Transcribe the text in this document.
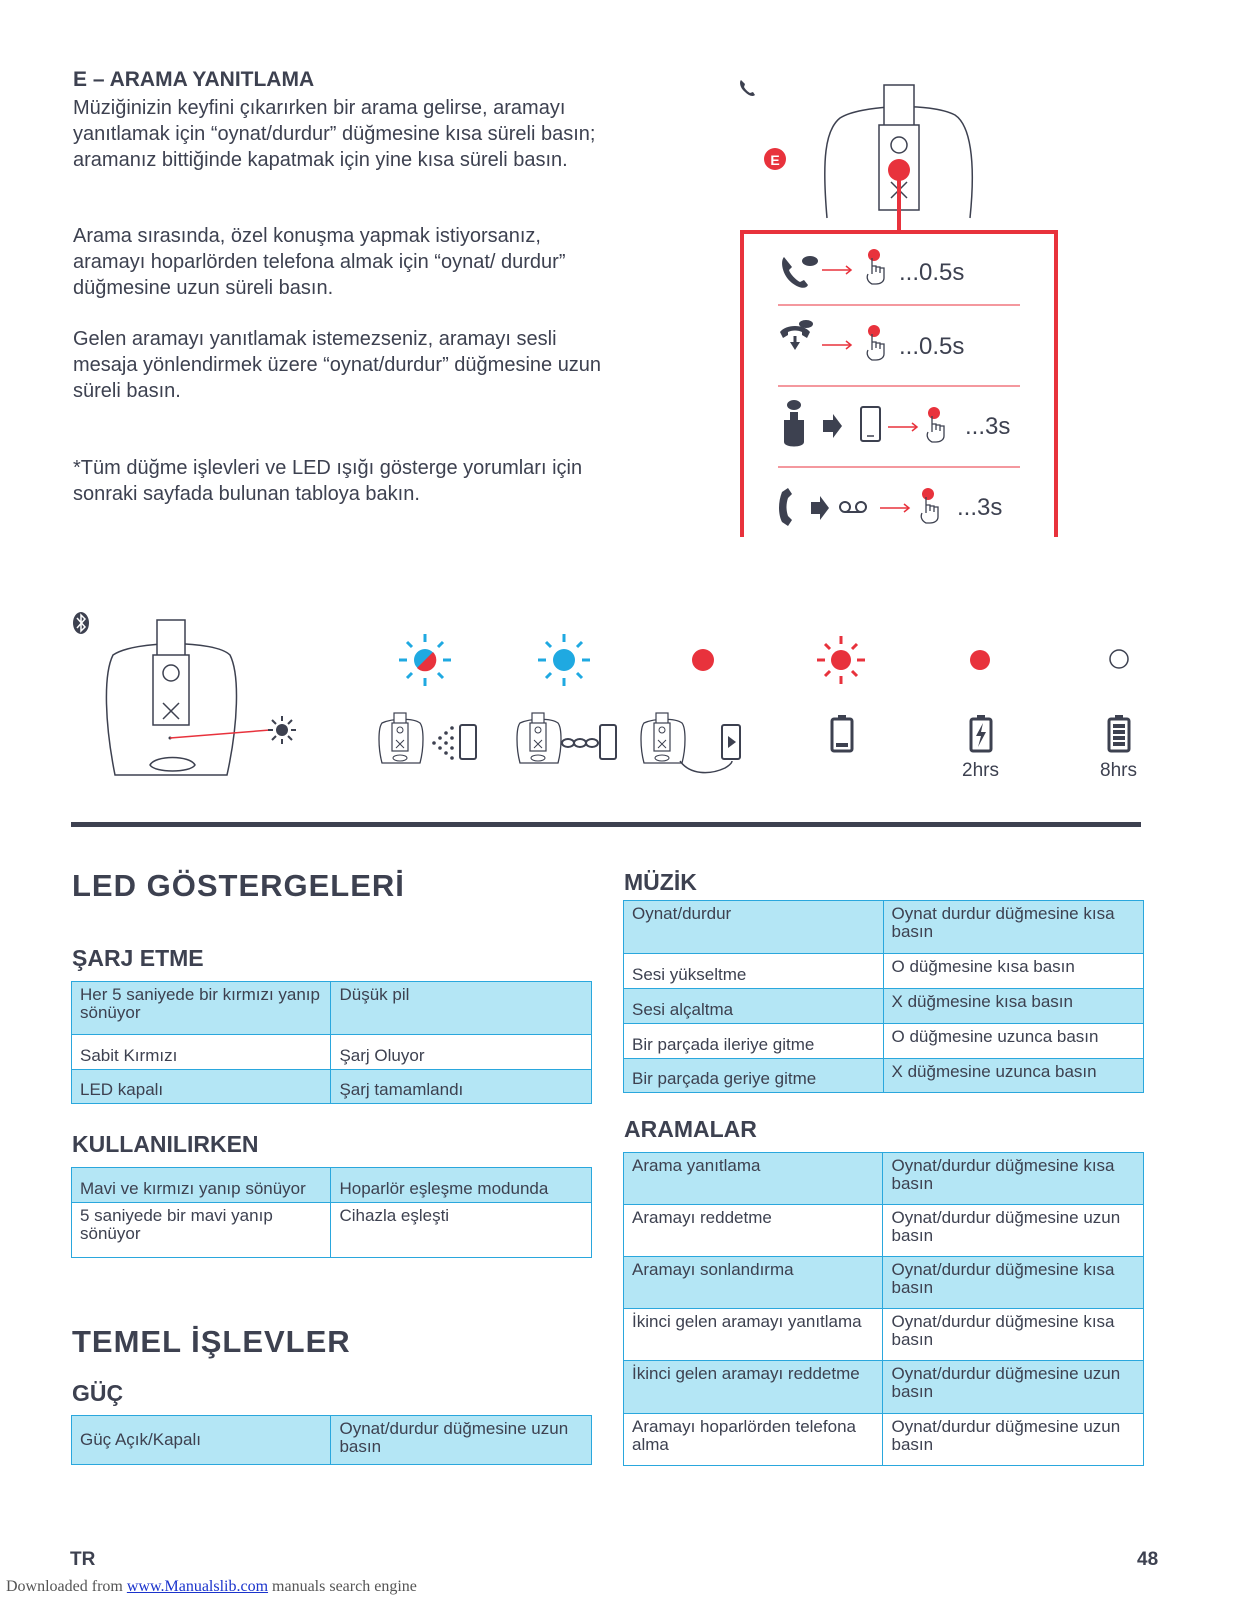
E – ARAMA YANITLAMA
Müziğinizin keyfini çıkarırken bir arama gelirse, aramayı yanıtlamak için “oynat/durdur” düğmesine kısa süreli basın; aramanız bittiğinde kapatmak için yine kısa süreli basın.
Arama sırasında, özel konuşma yapmak istiyorsanız, aramayı hoparlörden telefona almak için “oynat/ durdur” düğmesine uzun süreli basın.
Gelen aramayı yanıtlamak istemezseniz, aramayı sesli mesaja yönlendirmek üzere “oynat/durdur” düğmesine uzun süreli basın.
*Tüm düğme işlevleri ve LED ışığı gösterge yorumları için sonraki sayfada bulunan tabloya bakın.
E
...0.5s
...0.5s
...3s
...3s
2hrs	8hrs
LED GÖSTERGELERİ
ŞARJ ETME
Her 5 saniyede bir kırmızı yanıp sönüyor	Düşük pil
Sabit Kırmızı	Şarj Oluyor
LED kapalı	Şarj tamamlandı
KULLANILIRKEN
Mavi ve kırmızı yanıp sönüyor	Hoparlör eşleşme modunda
5 saniyede bir mavi yanıp sönüyor	Cihazla eşleşti
TEMEL İŞLEVLER
GÜÇ
Güç Açık/Kapalı	Oynat/durdur düğmesine uzun basın
MÜZİK
Oynat/durdur	Oynat durdur düğmesine kısa basın
Sesi yükseltme	O düğmesine kısa basın
Sesi alçaltma	X düğmesine kısa basın
Bir parçada ileriye gitme	O düğmesine uzunca basın
Bir parçada geriye gitme	X düğmesine uzunca basın
ARAMALAR
Arama yanıtlama	Oynat/durdur düğmesine kısa basın
Aramayı reddetme	Oynat/durdur düğmesine uzun basın
Aramayı sonlandırma	Oynat/durdur düğmesine kısa basın
İkinci gelen aramayı yanıtlama	Oynat/durdur düğmesine kısa basın
İkinci gelen aramayı reddetme	Oynat/durdur düğmesine uzun basın
Aramayı hoparlörden telefona alma	Oynat/durdur düğmesine uzun basın
TR	48
Downloaded from www.Manualslib.com manuals search engine
